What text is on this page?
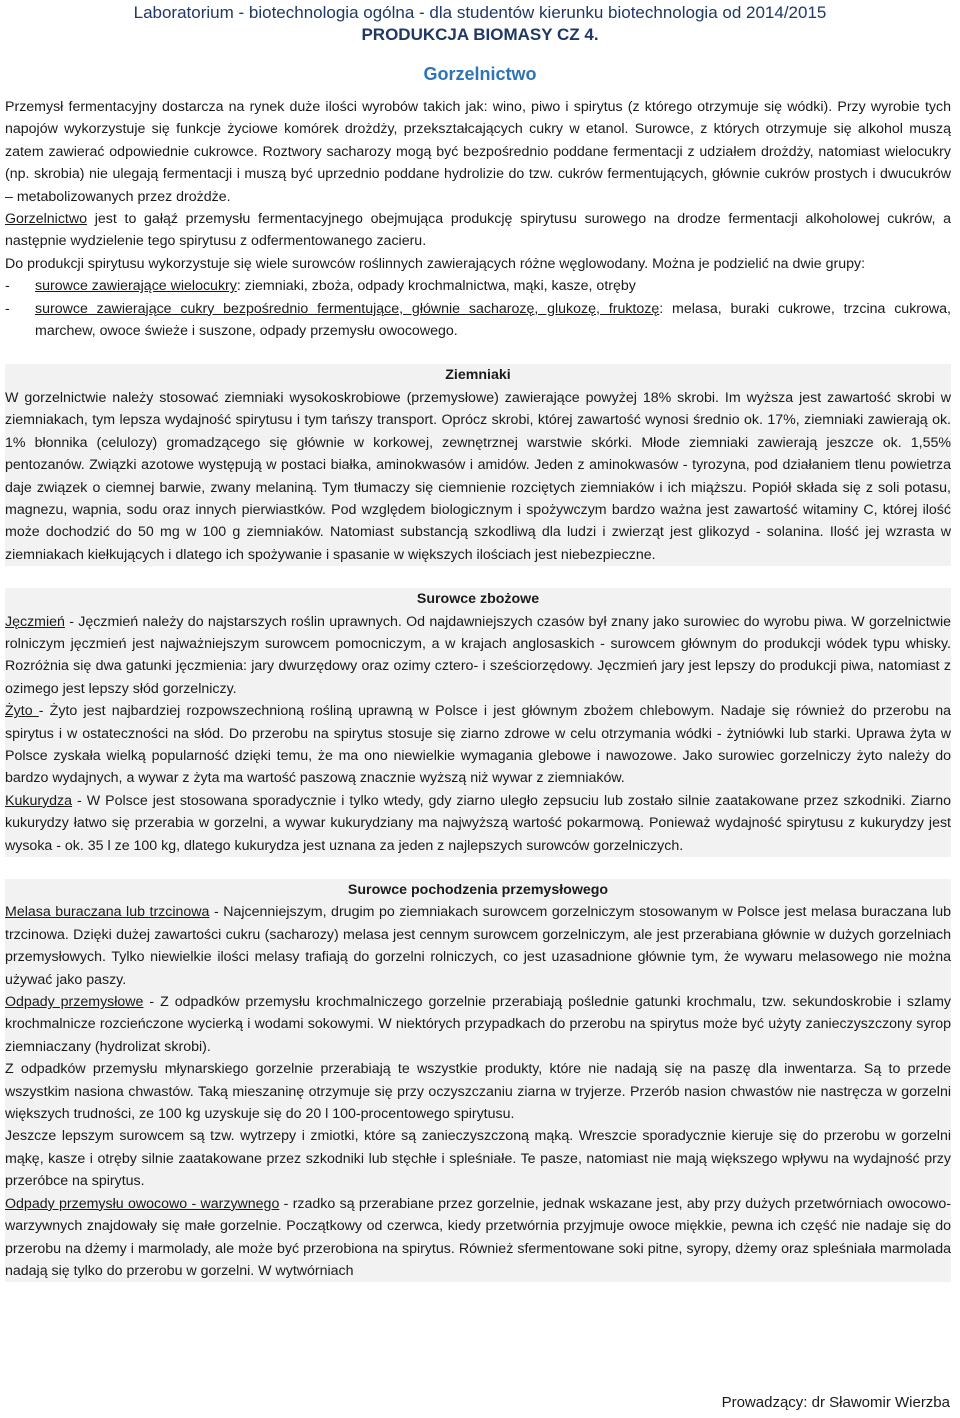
Laboratorium - biotechnologia ogólna - dla studentów kierunku biotechnologia od 2014/2015
PRODUKCJA BIOMASY CZ 4.
Gorzelnictwo

Przemysł fermentacyjny dostarcza na rynek duże ilości wyrobów takich jak: wino, piwo i spirytus (z którego otrzymuje się wódki). Przy wyrobie tych napojów wykorzystuje się funkcje życiowe komórek drożdży, przekształcających cukry w etanol. Surowce, z których otrzymuje się alkohol muszą zatem zawierać odpowiednie cukrowce. Roztwory sacharozy mogą być bezpośrednio poddane fermentacji z udziałem drożdży, natomiast wielocukry (np. skrobia) nie ulegają fermentacji i muszą być uprzednio poddane hydrolizie do tzw. cukrów fermentujących, głównie cukrów prostych i dwucukrów – metabolizowanych przez drożdże.

Gorzelnictwo jest to gałąź przemysłu fermentacyjnego obejmująca produkcję spirytusu surowego na drodze fermentacji alkoholowej cukrów, a następnie wydzielenie tego spirytusu z odfermentowanego zacieru.

Do produkcji spirytusu wykorzystuje się wiele surowców roślinnych zawierających różne węglowodany. Można je podzielić na dwie grupy:

- surowce zawierające wielocukry: ziemniaki, zboża, odpady krochmalnictwa, mąki, kasze, otręby
- surowce zawierające cukry bezpośrednio fermentujące, głównie sacharozę, glukozę, fruktozę: melasa, buraki cukrowe, trzcina cukrowa, marchew, owoce świeże i suszone, odpady przemysłu owocowego.

Ziemniaki

W gorzelnictwie należy stosować ziemniaki wysokoskrobiowe (przemysłowe) zawierające powyżej 18% skrobi. Im wyższa jest zawartość skrobi w ziemniakach, tym lepsza wydajność spirytusu i tym tańszy transport. Oprócz skrobi, której zawartość wynosi średnio ok. 17%, ziemniaki zawierają ok. 1% błonnika (celulozy) gromadzącego się głównie w korkowej, zewnętrznej warstwie skórki. Młode ziemniaki zawierają jeszcze ok. 1,55% pentozanów. Związki azotowe występują w postaci białka, aminokwasów i amidów. Jeden z aminokwasów - tyrozyna, pod działaniem tlenu powietrza daje związek o ciemnej barwie, zwany melaniną. Tym tłumaczy się ciemnienie rozciętych ziemniaków i ich miąższu. Popiół składa się z soli potasu, magnezu, wapnia, sodu oraz innych pierwiastków. Pod względem biologicznym i spożywczym bardzo ważna jest zawartość witaminy C, której ilość może dochodzić do 50 mg w 100 g ziemniaków. Natomiast substancją szkodliwą dla ludzi i zwierząt jest glikozyd - solanina. Ilość jej wzrasta w ziemniakach kiełkujących i dlatego ich spożywanie i spasanie w większych ilościach jest niebezpieczne.

Surowce zbożowe

Jęczmień - Jęczmień należy do najstarszych roślin uprawnych. Od najdawniejszych czasów był znany jako surowiec do wyrobu piwa. W gorzelnictwie rolniczym jęczmień jest najważniejszym surowcem pomocniczym, a w krajach anglosaskich - surowcem głównym do produkcji wódek typu whisky. Rozróżnia się dwa gatunki jęczmienia: jary dwurzędowy oraz ozimy cztero- i sześciorzędowy. Jęczmień jary jest lepszy do produkcji piwa, natomiast z ozimego jest lepszy słód gorzelniczy.

Żyto - Żyto jest najbardziej rozpowszechnioną rośliną uprawną w Polsce i jest głównym zbożem chlebowym. Nadaje się również do przerobu na spirytus i w ostateczności na słód. Do przerobu na spirytus stosuje się ziarno zdrowe w celu otrzymania wódki - żytniówki lub starki. Uprawa żyta w Polsce zyskała wielką popularność dzięki temu, że ma ono niewielkie wymagania glebowe i nawozowe. Jako surowiec gorzelniczy żyto należy do bardzo wydajnych, a wywar z żyta ma wartość paszową znacznie wyższą niż wywar z ziemniaków.

Kukurydza - W Polsce jest stosowana sporadycznie i tylko wtedy, gdy ziarno uległo zepsuciu lub zostało silnie zaatakowane przez szkodniki. Ziarno kukurydzy łatwo się przerabia w gorzelni, a wywar kukurydziany ma najwyższą wartość pokarmową. Ponieważ wydajność spirytusu z kukurydzy jest wysoka - ok. 35 l ze 100 kg, dlatego kukurydza jest uznana za jeden z najlepszych surowców gorzelniczych.

Surowce pochodzenia przemysłowego

Melasa buraczana lub trzcinowa - Najcenniejszym, drugim po ziemniakach surowcem gorzelniczym stosowanym w Polsce jest melasa buraczana lub trzcinowa. Dzięki dużej zawartości cukru (sacharozy) melasa jest cennym surowcem gorzelniczym, ale jest przerabiana głównie w dużych gorzelniach przemysłowych. Tylko niewielkie ilości melasy trafiają do gorzelni rolniczych, co jest uzasadnione głównie tym, że wywaru melasowego nie można używać jako paszy.

Odpady przemysłowe - Z odpadków przemysłu krochmalniczego gorzelnie przerabiają poślednie gatunki krochmalu, tzw. sekundoskrobie i szlamy krochmalnicze rozcieńczone wycierką i wodami sokowymi. W niektórych przypadkach do przerobu na spirytus może być użyty zanieczyszczony syrop ziemniaczany (hydrolizat skrobi).

Z odpadków przemysłu młynarskiego gorzelnie przerabiają te wszystkie produkty, które nie nadają się na paszę dla inwentarza. Są to przede wszystkim nasiona chwastów. Taką mieszaninę otrzymuje się przy oczyszczaniu ziarna w tryjerze. Przerób nasion chwastów nie nastręcza w gorzelni większych trudności, ze 100 kg uzyskuje się do 20 l 100-procentowego spirytusu.

Jeszcze lepszym surowcem są tzw. wytrzepy i zmiotki, które są zanieczyszczoną mąką. Wreszcie sporadycznie kieruje się do przerobu w gorzelni mąkę, kasze i otręby silnie zaatakowane przez szkodniki lub stęchłe i spleśniałe. Te pasze, natomiast nie mają większego wpływu na wydajność przy przeróbce na spirytus.

Odpady przemysłu owocowo - warzywnego - rzadko są przerabiane przez gorzelnie, jednak wskazane jest, aby przy dużych przetwórniach owocowo-warzywnych znajdowały się małe gorzelnie. Początkowy od czerwca, kiedy przetwórnia przyjmuje owoce miękkie, pewna ich część nie nadaje się do przerobu na dżemy i marmolady, ale może być przerobiona na spirytus. Również sfermentowane soki pitne, syropy, dżemy oraz spleśniała marmolada nadają się tylko do przerobu w gorzelni. W wytwórniach

Prowadzący: dr Sławomir Wierzba
